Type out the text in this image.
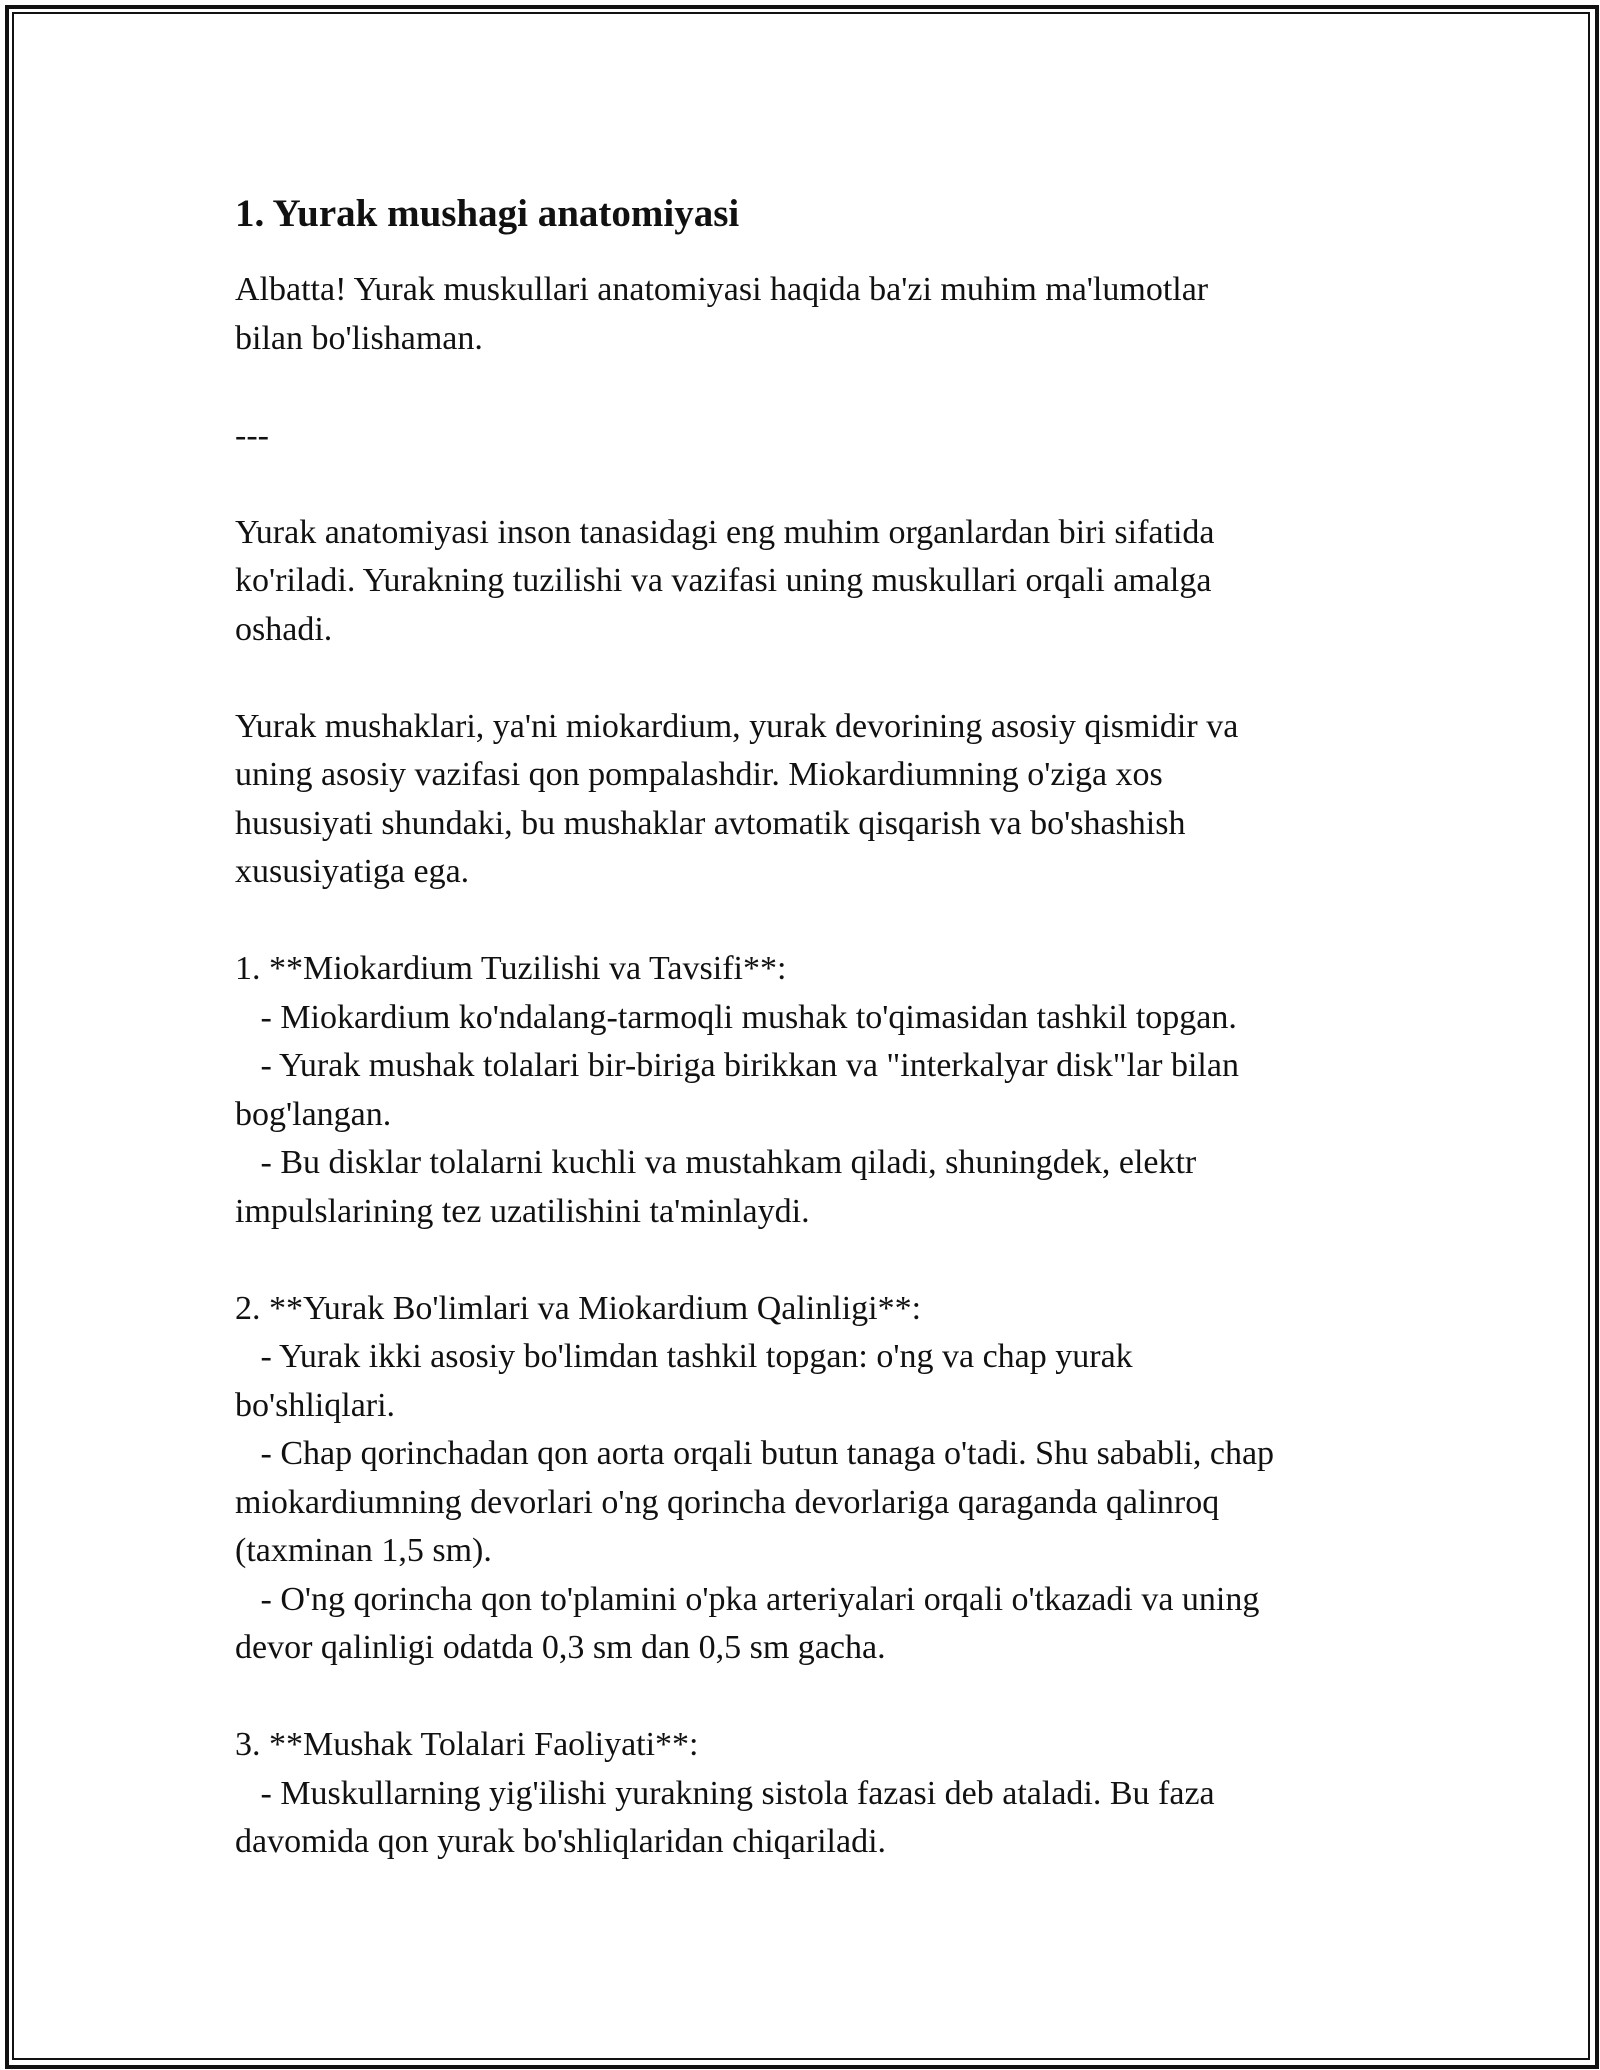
1. Yurak mushagi anatomiyasi
Albatta! Yurak muskullari anatomiyasi haqida ba'zi muhim ma'lumotlar
bilan bo'lishaman.
---
Yurak anatomiyasi inson tanasidagi eng muhim organlardan biri sifatida
ko'riladi. Yurakning tuzilishi va vazifasi uning muskullari orqali amalga
oshadi.
Yurak mushaklari, ya'ni miokardium, yurak devorining asosiy qismidir va
uning asosiy vazifasi qon pompalashdir. Miokardiumning o'ziga xos
hususiyati shundaki, bu mushaklar avtomatik qisqarish va bo'shashish
xususiyatiga ega.
1. **Miokardium Tuzilishi va Tavsifi**:
- Miokardium ko'ndalang-tarmoqli mushak to'qimasidan tashkil topgan.
- Yurak mushak tolalari bir-biriga birikkan va "interkalyar disk"lar bilan
bog'langan.
- Bu disklar tolalarni kuchli va mustahkam qiladi, shuningdek, elektr
impulslarining tez uzatilishini ta'minlaydi.
2. **Yurak Bo'limlari va Miokardium Qalinligi**:
- Yurak ikki asosiy bo'limdan tashkil topgan: o'ng va chap yurak
bo'shliqlari.
- Chap qorinchadan qon aorta orqali butun tanaga o'tadi. Shu sababli, chap
miokardiumning devorlari o'ng qorincha devorlariga qaraganda qalinroq
(taxminan 1,5 sm).
- O'ng qorincha qon to'plamini o'pka arteriyalari orqali o'tkazadi va uning
devor qalinligi odatda 0,3 sm dan 0,5 sm gacha.
3. **Mushak Tolalari Faoliyati**:
- Muskullarning yig'ilishi yurakning sistola fazasi deb ataladi. Bu faza
davomida qon yurak bo'shliqlaridan chiqariladi.
